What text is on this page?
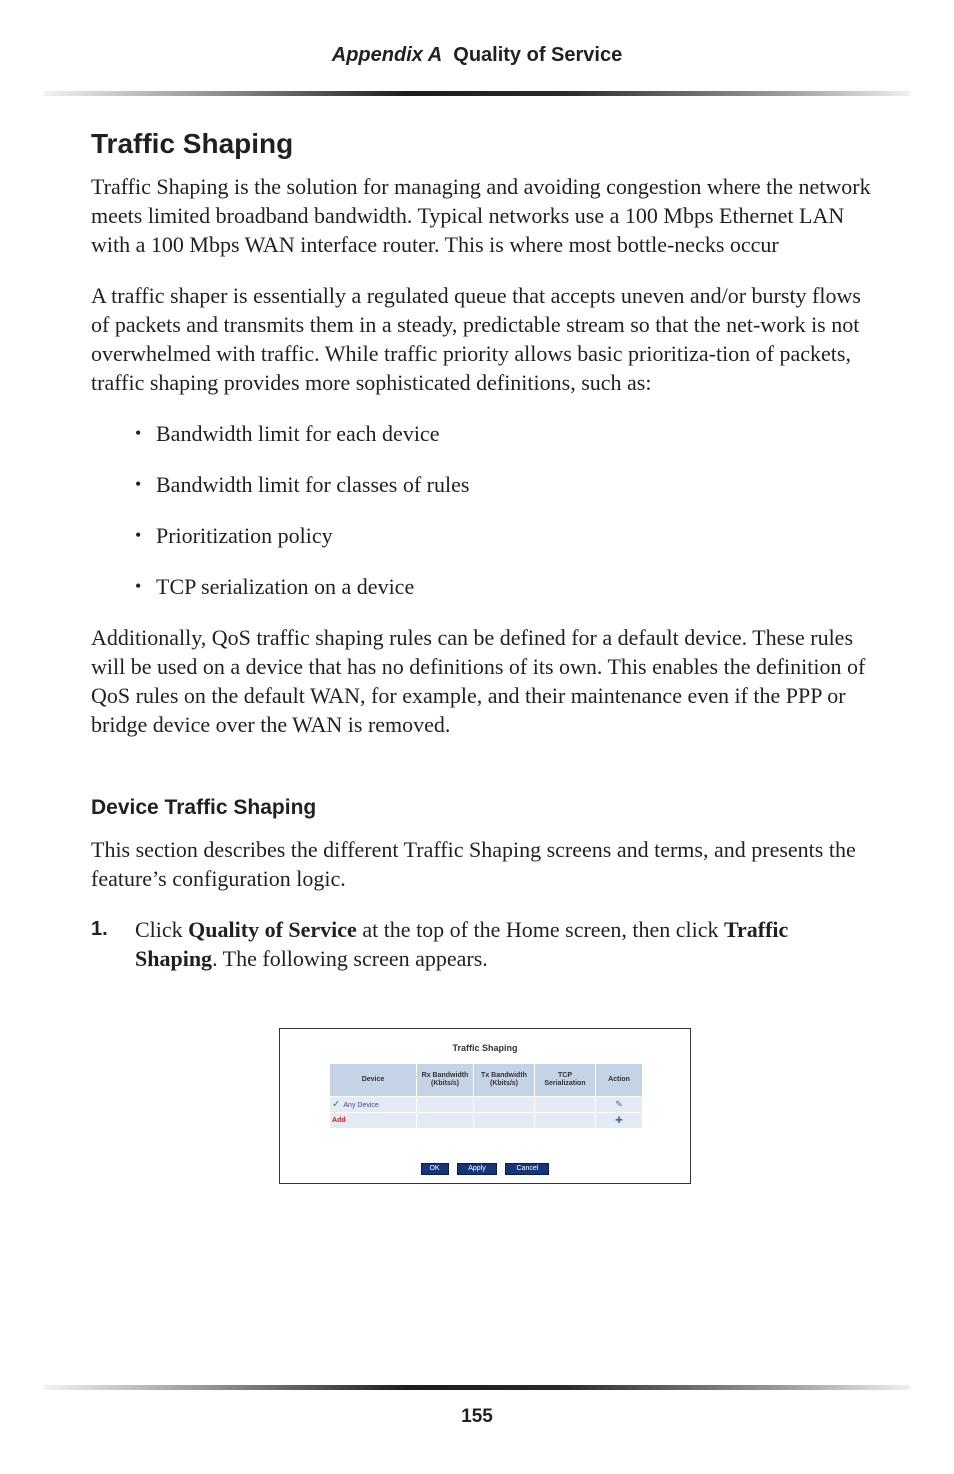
Appendix A Quality of Service
Traffic Shaping

Traffic Shaping is the solution for managing and avoiding congestion where the network meets limited broadband bandwidth. Typical networks use a 100 Mbps Ethernet LAN with a 100 Mbps WAN interface router. This is where most bottle-necks occur

A traffic shaper is essentially a regulated queue that accepts uneven and/or bursty flows of packets and transmits them in a steady, predictable stream so that the net-work is not overwhelmed with traffic. While traffic priority allows basic prioritiza-tion of packets, traffic shaping provides more sophisticated definitions, such as:

• Bandwidth limit for each device
• Bandwidth limit for classes of rules
• Prioritization policy
• TCP serialization on a device

Additionally, QoS traffic shaping rules can be defined for a default device. These rules will be used on a device that has no definitions of its own. This enables the definition of QoS rules on the default WAN, for example, and their maintenance even if the PPP or bridge device over the WAN is removed.

Device Traffic Shaping

This section describes the different Traffic Shaping screens and terms, and presents the feature’s configuration logic.

1.	Click Quality of Service at the top of the Home screen, then click Traffic Shaping. The following screen appears.
Traffic Shaping
Device	Rx Bandwidth (Kbits/s)	Tx Bandwidth (Kbits/s)	TCP Serialization	Action
✓ Any Device				✎
Add				✚
OK	Apply	Cancel
155
